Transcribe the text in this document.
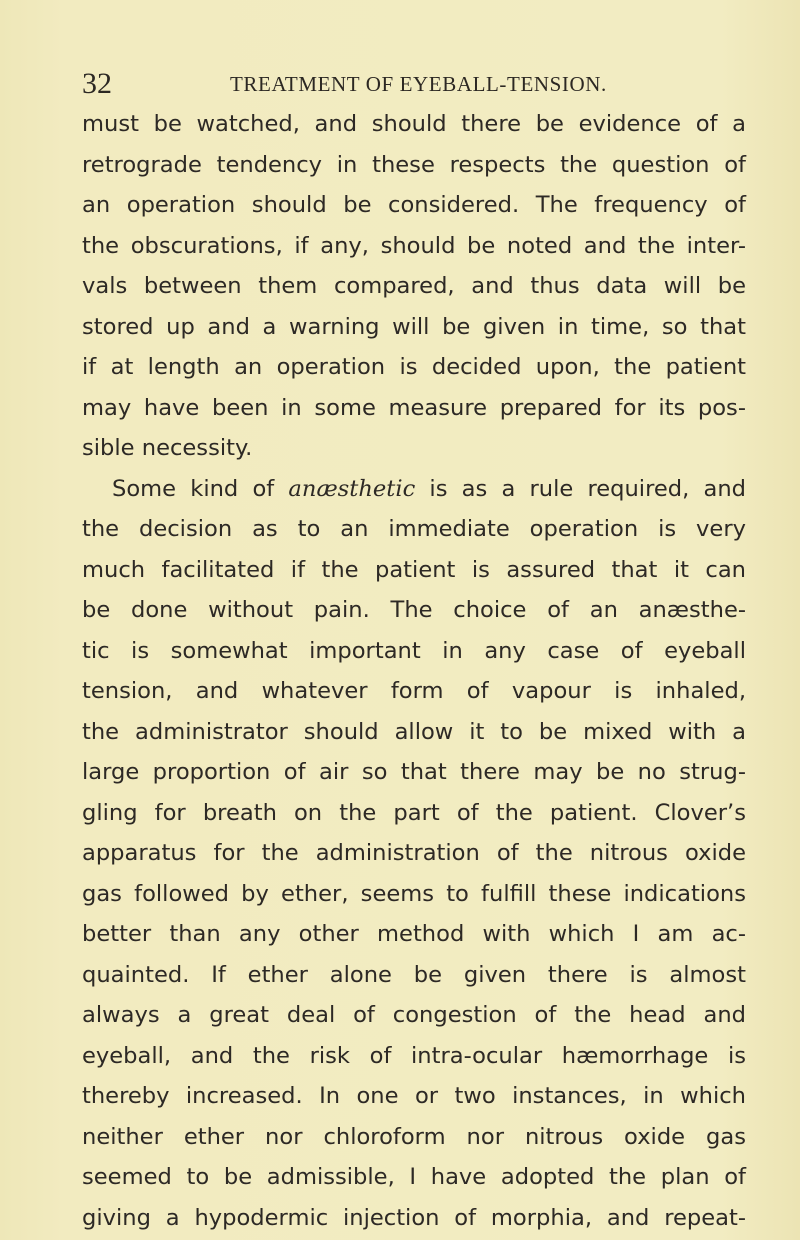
32	TREATMENT OF EYEBALL-TENSION.
must be watched, and should there be evidence of a
retrograde tendency in these respects the question of
an operation should be considered. The frequency of
the obscurations, if any, should be noted and the inter-
vals between them compared, and thus data will be
stored up and a warning will be given in time, so that
if at length an operation is decided upon, the patient
may have been in some measure prepared for its pos-
sible necessity.
Some kind of anæsthetic is as a rule required, and
the decision as to an immediate operation is very
much facilitated if the patient is assured that it can
be done without pain. The choice of an anæsthe-
tic is somewhat important in any case of eyeball
tension, and whatever form of vapour is inhaled,
the administrator should allow it to be mixed with a
large proportion of air so that there may be no strug-
gling for breath on the part of the patient. Clover’s
apparatus for the administration of the nitrous oxide
gas followed by ether, seems to fulfill these indications
better than any other method with which I am ac-
quainted. If ether alone be given there is almost
always a great deal of congestion of the head and
eyeball, and the risk of intra-ocular hæmorrhage is
thereby increased. In one or two instances, in which
neither ether nor chloroform nor nitrous oxide gas
seemed to be admissible, I have adopted the plan of
giving a hypodermic injection of morphia, and repeat-
